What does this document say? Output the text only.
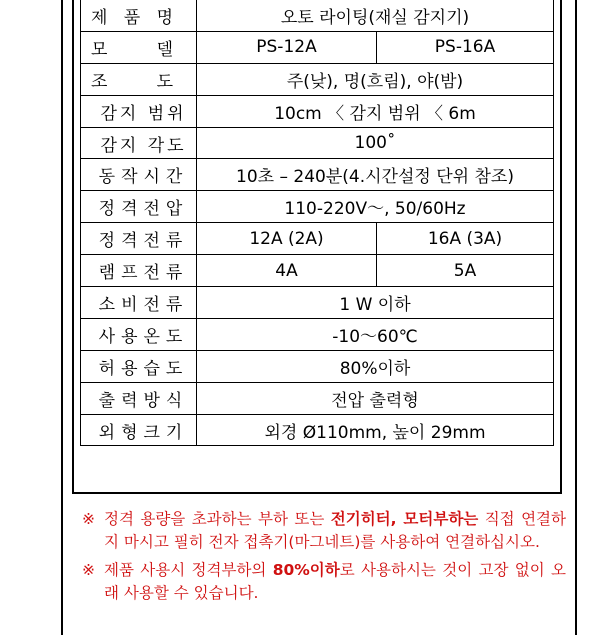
제 품 명	오토 라이팅(재실 감지기)	

모 델	PS-12A	PS-16A

조 도	주(낮), 명(흐림), 야(밤)	
감지 범위	10cm 〈 감지 범위 〈 6m	
감지 각도	100˚	
동작시간	10초 – 240분(4.시간설정 단위 참조)	
정격전압	110-220V～, 50/60Hz	
정격전류	12A (2A)	16A (3A)
램프전류	4A	5A
소비전류	1 W 이하	
사용온도	-10～60℃	
허용습도	80%이하	
출력방식	전압 출력형	
외형크기	외경 Ø110mm, 높이 29mm	
※ 정격 용량을 초과하는 부하 또는 전기히터, 모터부하는 직접 연결하지 마시고 필히 전자 접촉기(마그네트)를 사용하여 연결하십시오.
※ 제품 사용시 정격부하의 80%이하로 사용하시는 것이 고장 없이 오래 사용할 수 있습니다.
